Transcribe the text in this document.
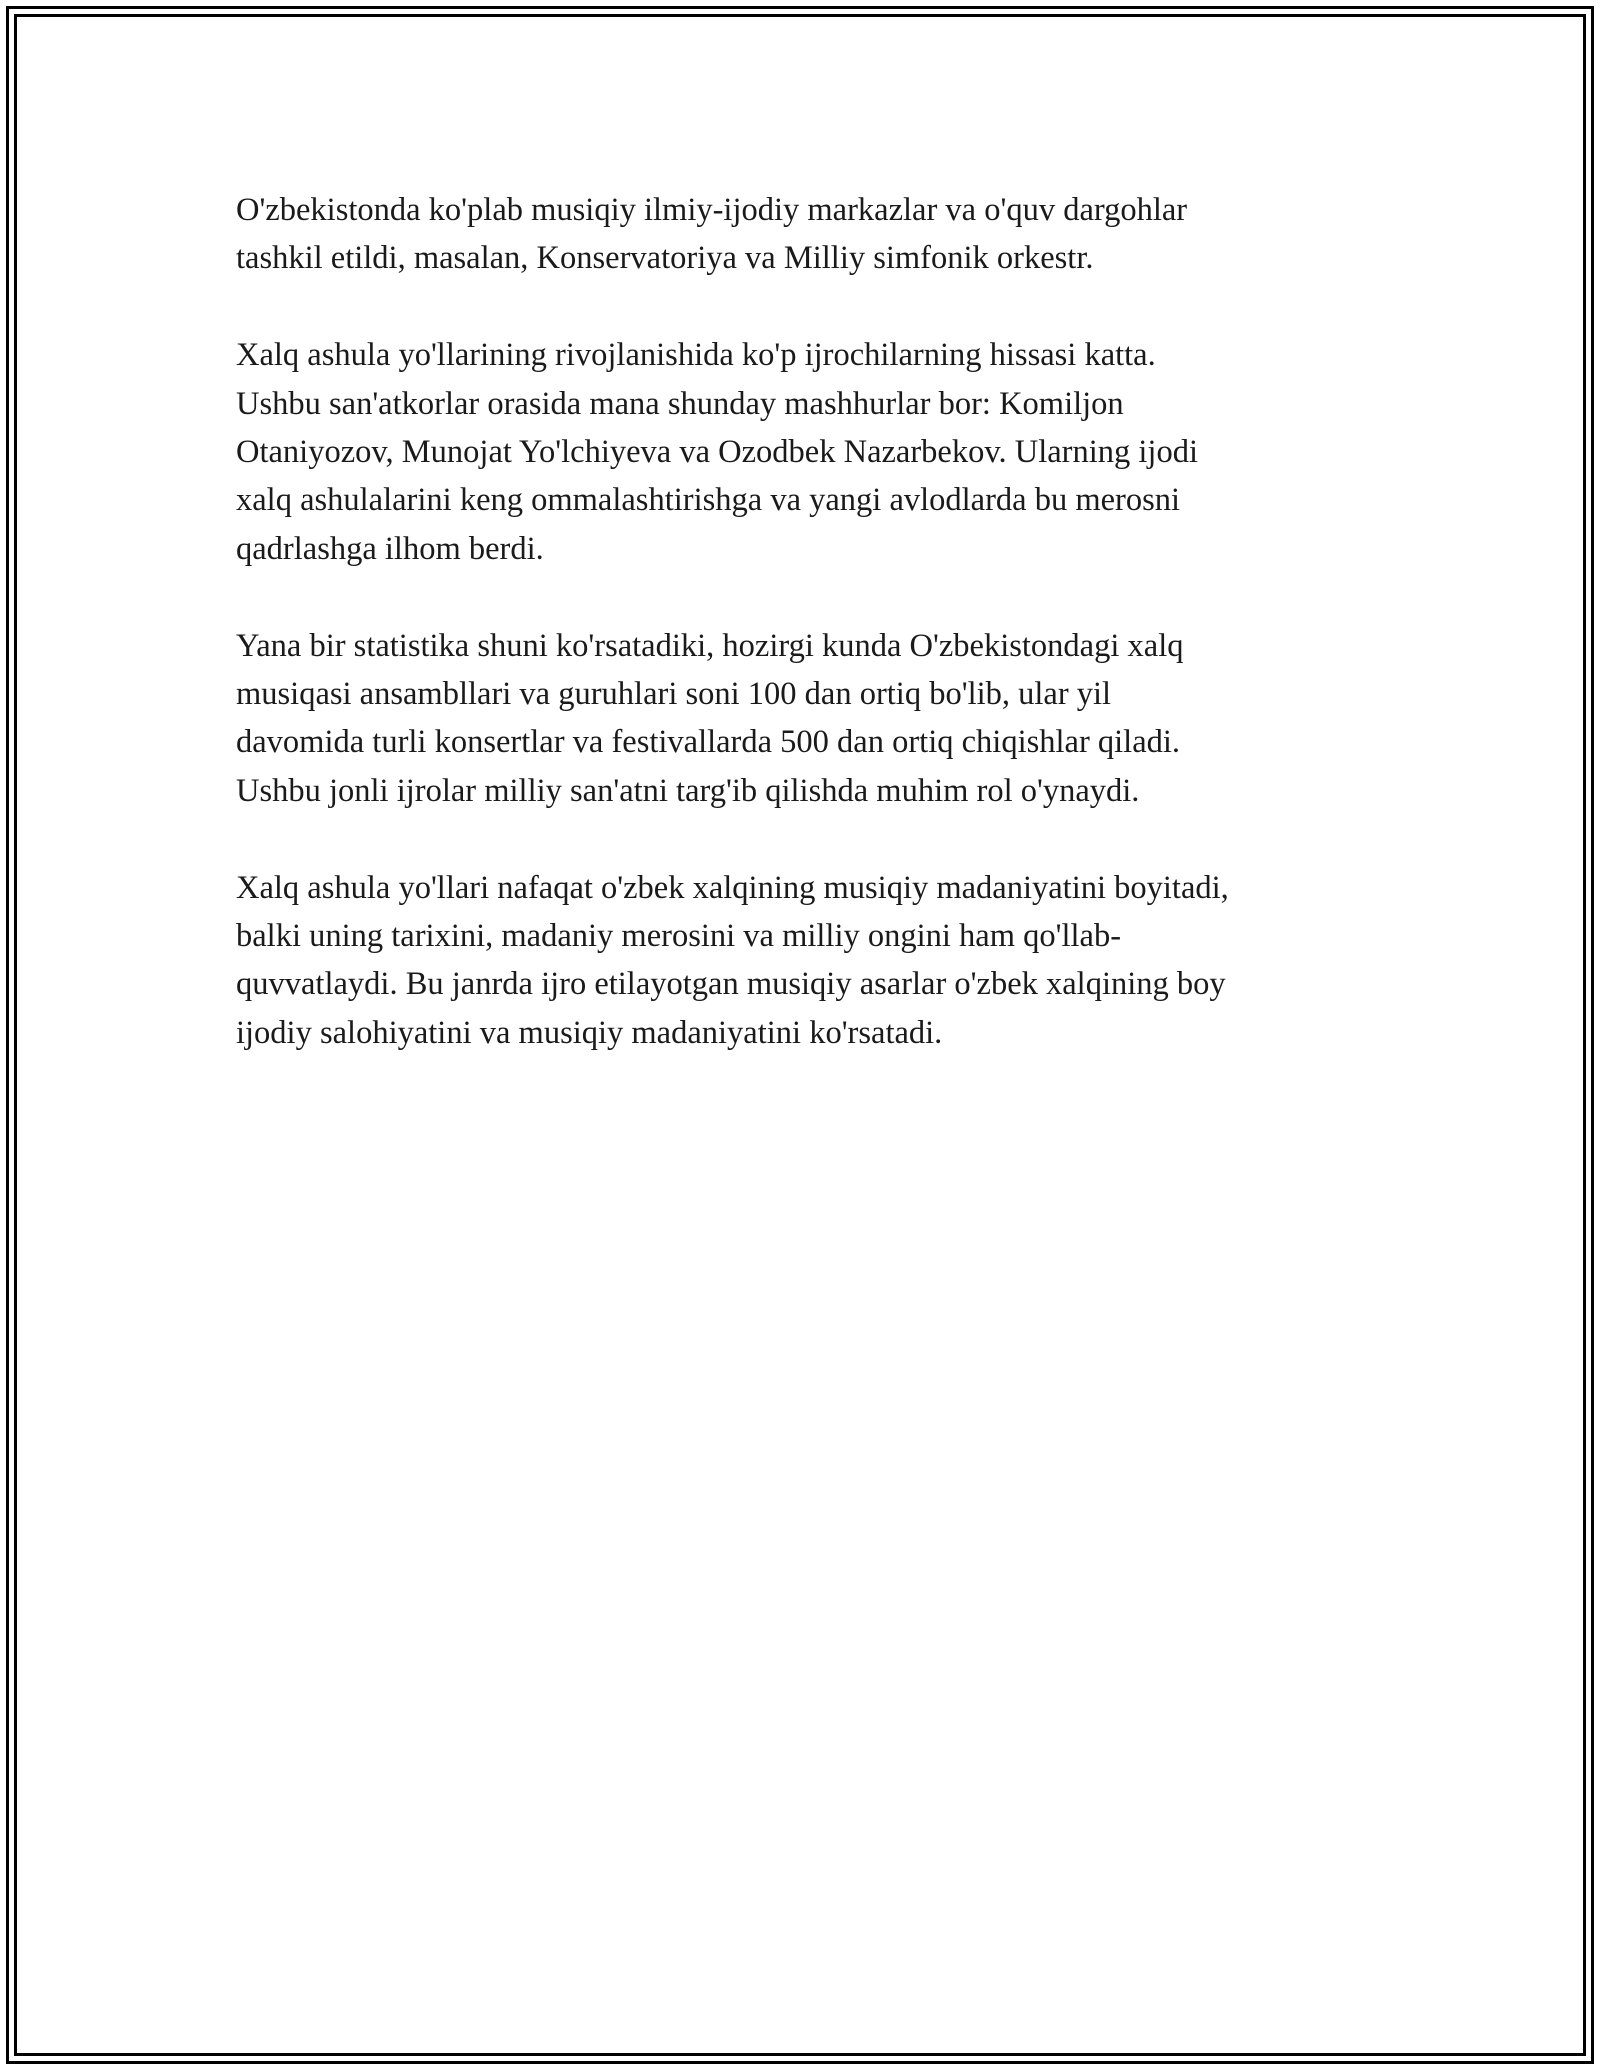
O'zbekistonda ko'plab musiqiy ilmiy-ijodiy markazlar va o'quv dargohlar
tashkil etildi, masalan, Konservatoriya va Milliy simfonik orkestr.

Xalq ashula yo'llarining rivojlanishida ko'p ijrochilarning hissasi katta.
Ushbu san'atkorlar orasida mana shunday mashhurlar bor: Komiljon
Otaniyozov, Munojat Yo'lchiyeva va Ozodbek Nazarbekov. Ularning ijodi
xalq ashulalarini keng ommalashtirishga va yangi avlodlarda bu merosni
qadrlashga ilhom berdi.

Yana bir statistika shuni ko'rsatadiki, hozirgi kunda O'zbekistondagi xalq
musiqasi ansambllari va guruhlari soni 100 dan ortiq bo'lib, ular yil
davomida turli konsertlar va festivallarda 500 dan ortiq chiqishlar qiladi.
Ushbu jonli ijrolar milliy san'atni targ'ib qilishda muhim rol o'ynaydi.

Xalq ashula yo'llari nafaqat o'zbek xalqining musiqiy madaniyatini boyitadi,
balki uning tarixini, madaniy merosini va milliy ongini ham qo'llab-
quvvatlaydi. Bu janrda ijro etilayotgan musiqiy asarlar o'zbek xalqining boy
ijodiy salohiyatini va musiqiy madaniyatini ko'rsatadi.
